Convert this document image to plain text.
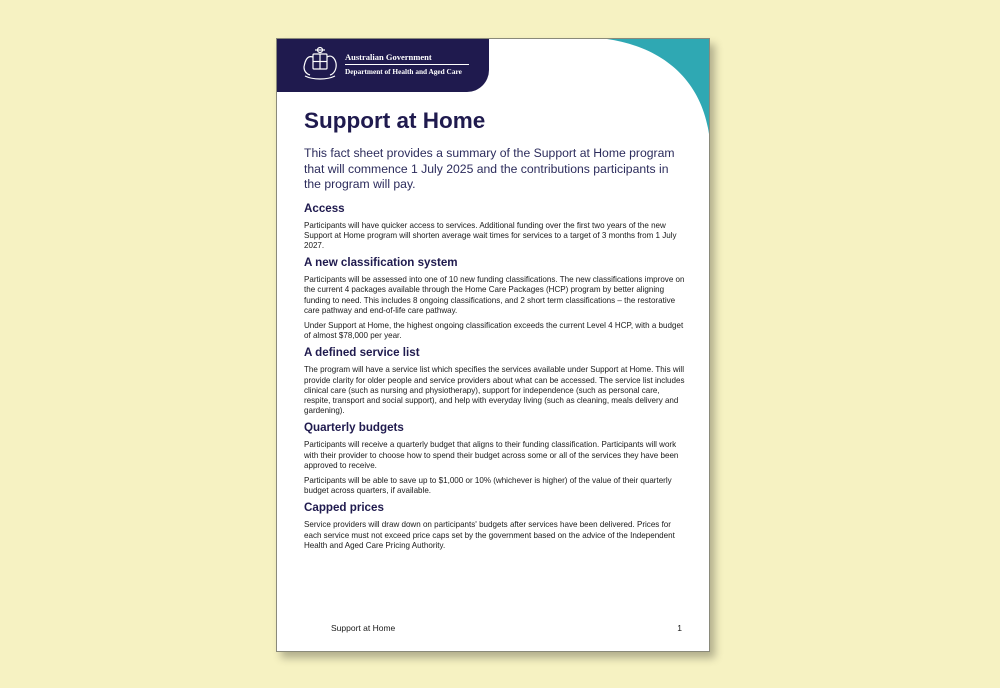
Australian Government
Department of Health and Aged Care
Support at Home

This fact sheet provides a summary of the Support at Home program that will commence 1 July 2025 and the contributions participants in the program will pay.

Access

Participants will have quicker access to services. Additional funding over the first two years of the new Support at Home program will shorten average wait times for services to a target of 3 months from 1 July 2027.

A new classification system

Participants will be assessed into one of 10 new funding classifications. The new classifications improve on the current 4 packages available through the Home Care Packages (HCP) program by better aligning funding to need. This includes 8 ongoing classifications, and 2 short term classifications – the restorative care pathway and end-of-life care pathway.

Under Support at Home, the highest ongoing classification exceeds the current Level 4 HCP, with a budget of almost $78,000 per year.

A defined service list

The program will have a service list which specifies the services available under Support at Home. This will provide clarity for older people and service providers about what can be accessed. The service list includes clinical care (such as nursing and physiotherapy), support for independence (such as personal care, respite, transport and social support), and help with everyday living (such as cleaning, meals delivery and gardening).

Quarterly budgets

Participants will receive a quarterly budget that aligns to their funding classification. Participants will work with their provider to choose how to spend their budget across some or all of the services they have been approved to receive.

Participants will be able to save up to $1,000 or 10% (whichever is higher) of the value of their quarterly budget across quarters, if available.

Capped prices

Service providers will draw down on participants' budgets after services have been delivered. Prices for each service must not exceed price caps set by the government based on the advice of the Independent Health and Aged Care Pricing Authority.

Support at Home	1
